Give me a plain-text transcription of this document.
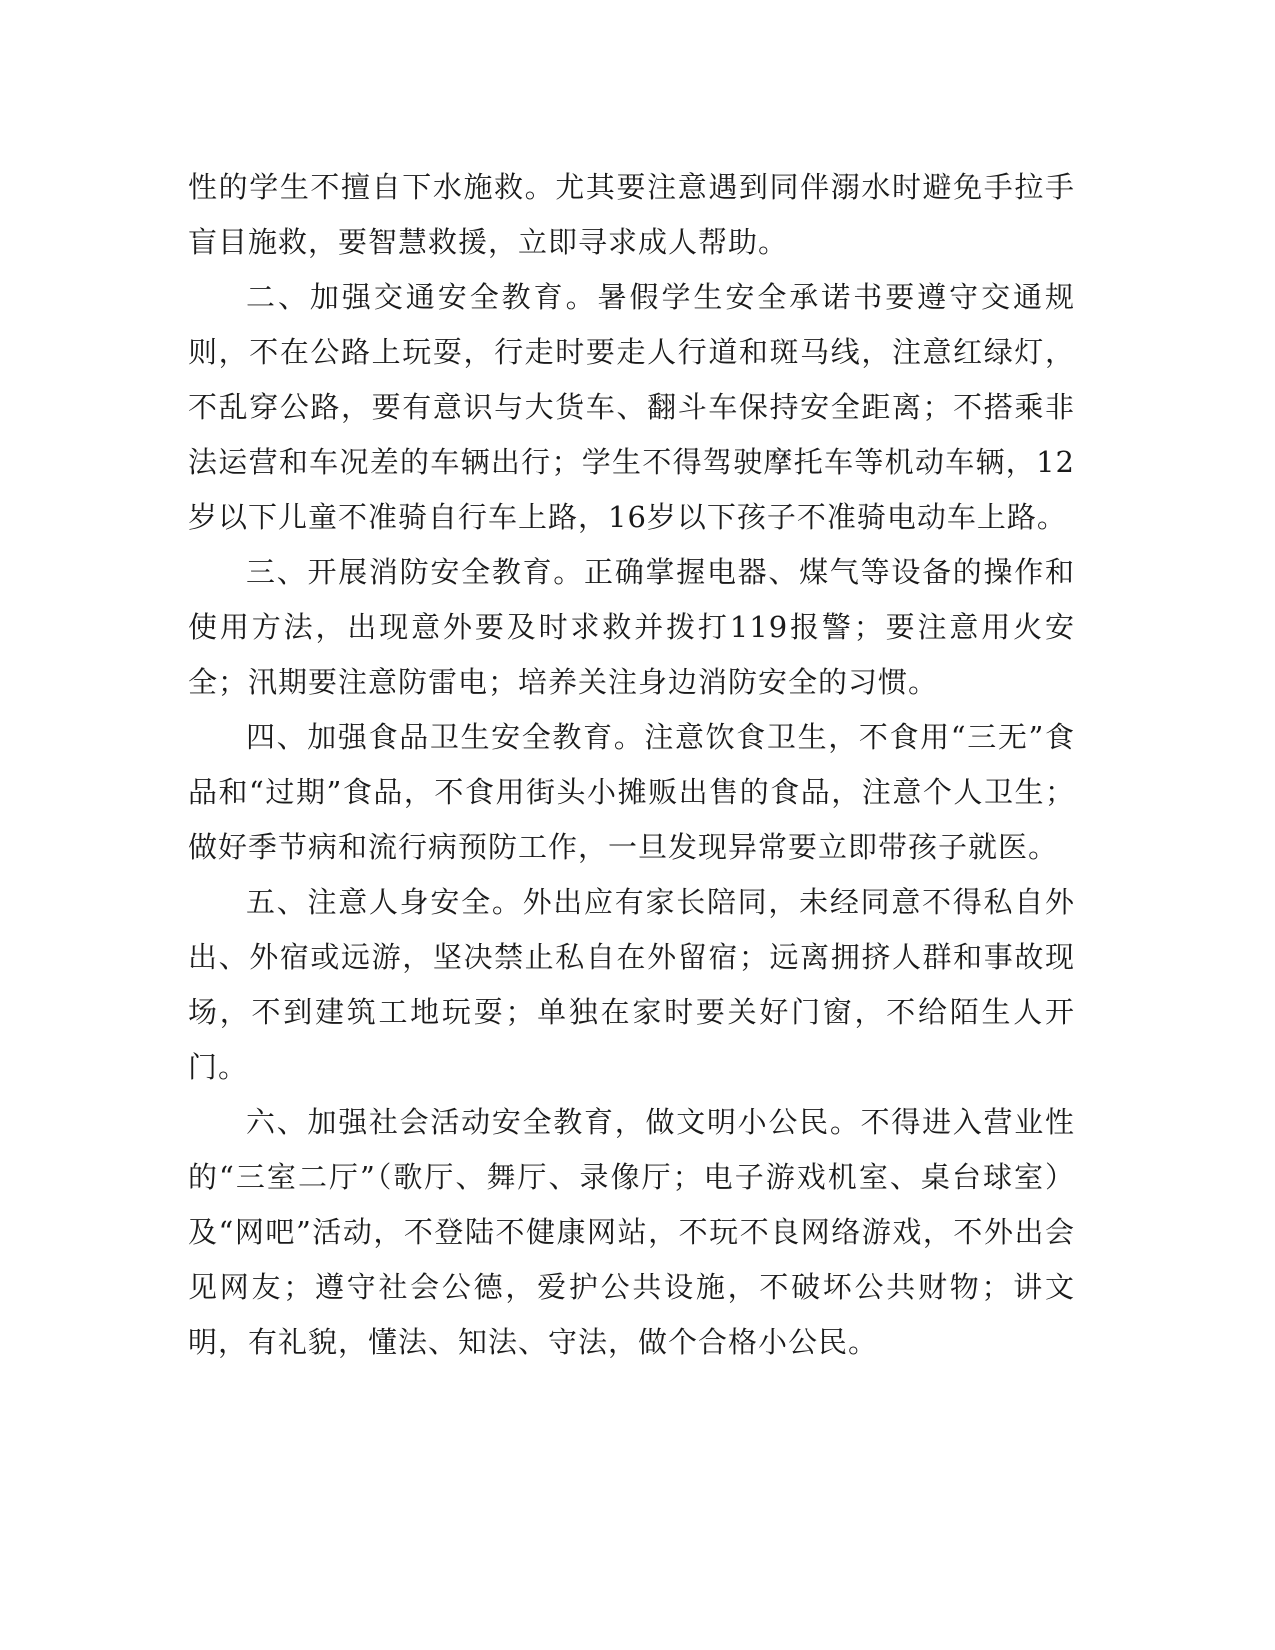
性的学生不擅自下水施救。尤其要注意遇到同伴溺水时避免手拉手盲目施救，要智慧救援，立即寻求成人帮助。

二、加强交通安全教育。暑假学生安全承诺书要遵守交通规则，不在公路上玩耍，行走时要走人行道和斑马线，注意红绿灯，不乱穿公路，要有意识与大货车、翻斗车保持安全距离；不搭乘非法运营和车况差的车辆出行；学生不得驾驶摩托车等机动车辆，12岁以下儿童不准骑自行车上路，16岁以下孩子不准骑电动车上路。

三、开展消防安全教育。正确掌握电器、煤气等设备的操作和使用方法，出现意外要及时求救并拨打119报警；要注意用火安全；汛期要注意防雷电；培养关注身边消防安全的习惯。

四、加强食品卫生安全教育。注意饮食卫生，不食用“三无”食品和“过期”食品，不食用街头小摊贩出售的食品，注意个人卫生；做好季节病和流行病预防工作，一旦发现异常要立即带孩子就医。

五、注意人身安全。外出应有家长陪同，未经同意不得私自外出、外宿或远游，坚决禁止私自在外留宿；远离拥挤人群和事故现场，不到建筑工地玩耍；单独在家时要关好门窗，不给陌生人开门。

六、加强社会活动安全教育，做文明小公民。不得进入营业性的“三室二厅”（歌厅、舞厅、录像厅；电子游戏机室、桌台球室）及“网吧”活动，不登陆不健康网站，不玩不良网络游戏，不外出会见网友；遵守社会公德，爱护公共设施，不破坏公共财物；讲文明，有礼貌，懂法、知法、守法，做个合格小公民。
